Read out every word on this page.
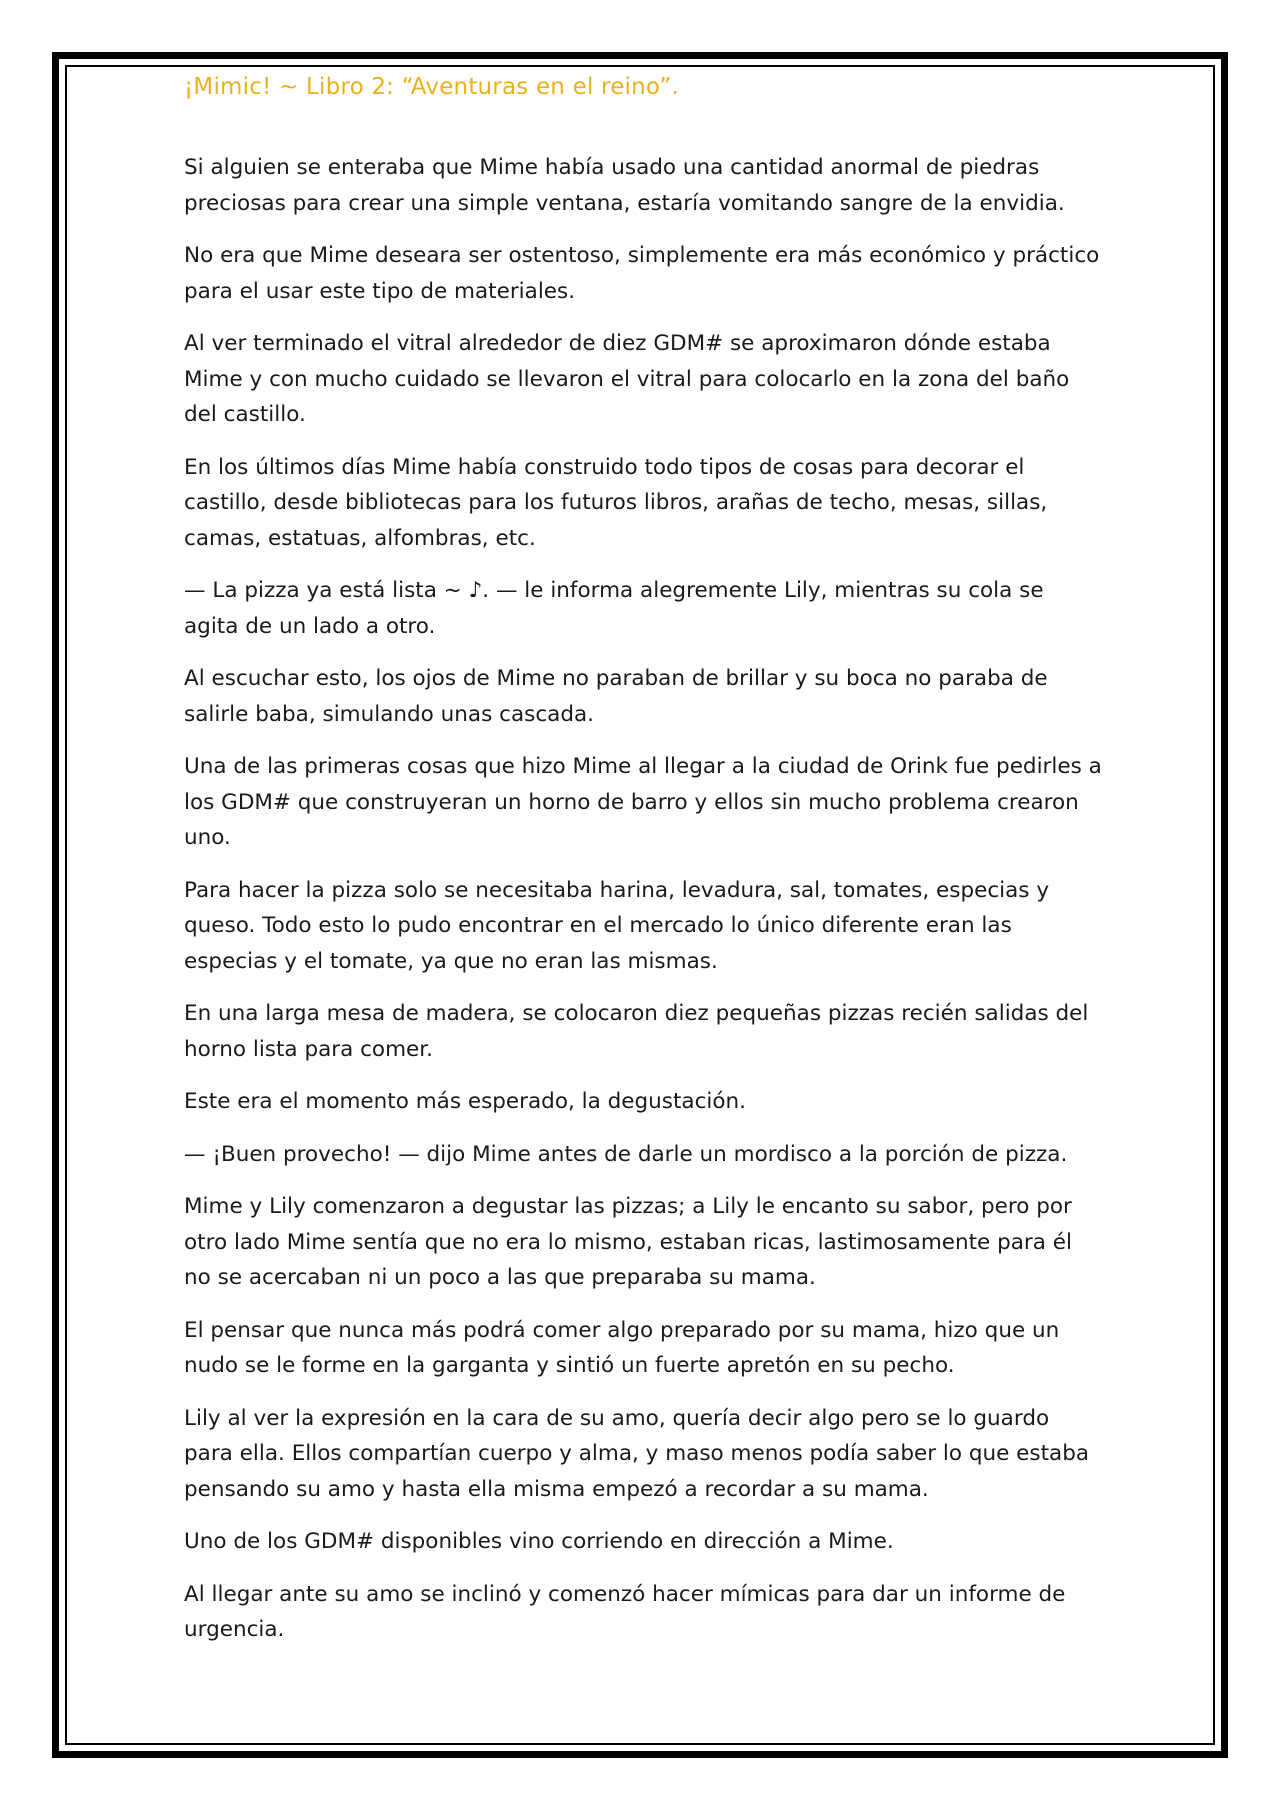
¡Mimic! ~ Libro 2: “Aventuras en el reino”.

Si alguien se enteraba que Mime había usado una cantidad anormal de piedras preciosas para crear una simple ventana, estaría vomitando sangre de la envidia.

No era que Mime deseara ser ostentoso, simplemente era más económico y práctico para el usar este tipo de materiales.

Al ver terminado el vitral alrededor de diez GDM# se aproximaron dónde estaba Mime y con mucho cuidado se llevaron el vitral para colocarlo en la zona del baño del castillo.

En los últimos días Mime había construido todo tipos de cosas para decorar el castillo, desde bibliotecas para los futuros libros, arañas de techo, mesas, sillas, camas, estatuas, alfombras, etc.

— La pizza ya está lista ~ ♪. — le informa alegremente Lily, mientras su cola se agita de un lado a otro.

Al escuchar esto, los ojos de Mime no paraban de brillar y su boca no paraba de salirle baba, simulando unas cascada.

Una de las primeras cosas que hizo Mime al llegar a la ciudad de Orink fue pedirles a los GDM# que construyeran un horno de barro y ellos sin mucho problema crearon uno.

Para hacer la pizza solo se necesitaba harina, levadura, sal, tomates, especias y queso. Todo esto lo pudo encontrar en el mercado lo único diferente eran las especias y el tomate, ya que no eran las mismas.

En una larga mesa de madera, se colocaron diez pequeñas pizzas recién salidas del horno lista para comer.

Este era el momento más esperado, la degustación.

— ¡Buen provecho! — dijo Mime antes de darle un mordisco a la porción de pizza.

Mime y Lily comenzaron a degustar las pizzas; a Lily le encanto su sabor, pero por otro lado Mime sentía que no era lo mismo, estaban ricas, lastimosamente para él no se acercaban ni un poco a las que preparaba su mama.

El pensar que nunca más podrá comer algo preparado por su mama, hizo que un nudo se le forme en la garganta y sintió un fuerte apretón en su pecho.

Lily al ver la expresión en la cara de su amo, quería decir algo pero se lo guardo para ella. Ellos compartían cuerpo y alma, y maso menos podía saber lo que estaba pensando su amo y hasta ella misma empezó a recordar a su mama.

Uno de los GDM# disponibles vino corriendo en dirección a Mime.

Al llegar ante su amo se inclinó y comenzó hacer mímicas para dar un informe de urgencia.
